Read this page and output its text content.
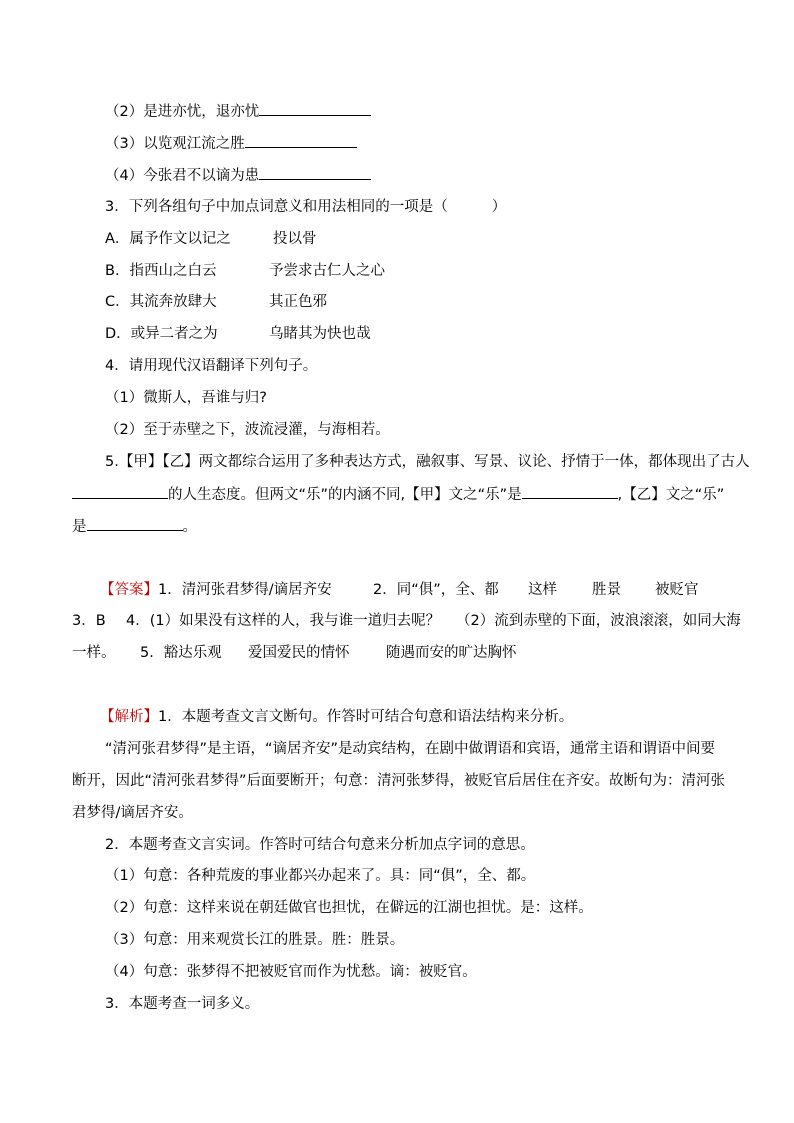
（2）是进亦忧，退亦忧
（3）以览观江流之胜
（4）今张君不以谪为患
3．下列各组句子中加点词意义和用法相同的一项是（	）
A．属予作文以记之	投以骨
B．指西山之白云	予尝求古仁人之心
C．其流奔放肆大	其正色邪
D．或异二者之为	乌睹其为快也哉
4．请用现代汉语翻译下列句子。
（1）微斯人，吾谁与归?
（2）至于赤壁之下，波流浸灌，与海相若。
5.【甲】【乙】两文都综合运用了多种表达方式，融叙事、写景、议论、抒情于一体，都体现出了古人
的人生态度。但两文“乐”的内涵不同,【甲】文之“乐”是	,【乙】文之“乐”
是	。
【答案】1．清河张君梦得/谪居齐安	2．同“俱”，全、都 这样 胜景 被贬官
3．B 4．(1）如果没有这样的人，我与谁一道归去呢？ （2）流到赤壁的下面，波浪滚滚，如同大海
一样。 5．豁达乐观 爱国爱民的情怀	随遇而安的旷达胸怀
【解析】1．本题考查文言文断句。作答时可结合句意和语法结构来分析。
“清河张君梦得”是主语，“谪居齐安”是动宾结构，在剧中做谓语和宾语，通常主语和谓语中间要
断开，因此“清河张君梦得”后面要断开；句意：清河张梦得，被贬官后居住在齐安。故断句为：清河张
君梦得/谪居齐安。
2．本题考查文言实词。作答时可结合句意来分析加点字词的意思。
（1）句意：各种荒废的事业都兴办起来了。具：同“俱”，全、都。
（2）句意：这样来说在朝廷做官也担忧，在僻远的江湖也担忧。是：这样。
（3）句意：用来观赏长江的胜景。胜：胜景。
（4）句意：张梦得不把被贬官而作为忧愁。谪：被贬官。
3．本题考查一词多义。
